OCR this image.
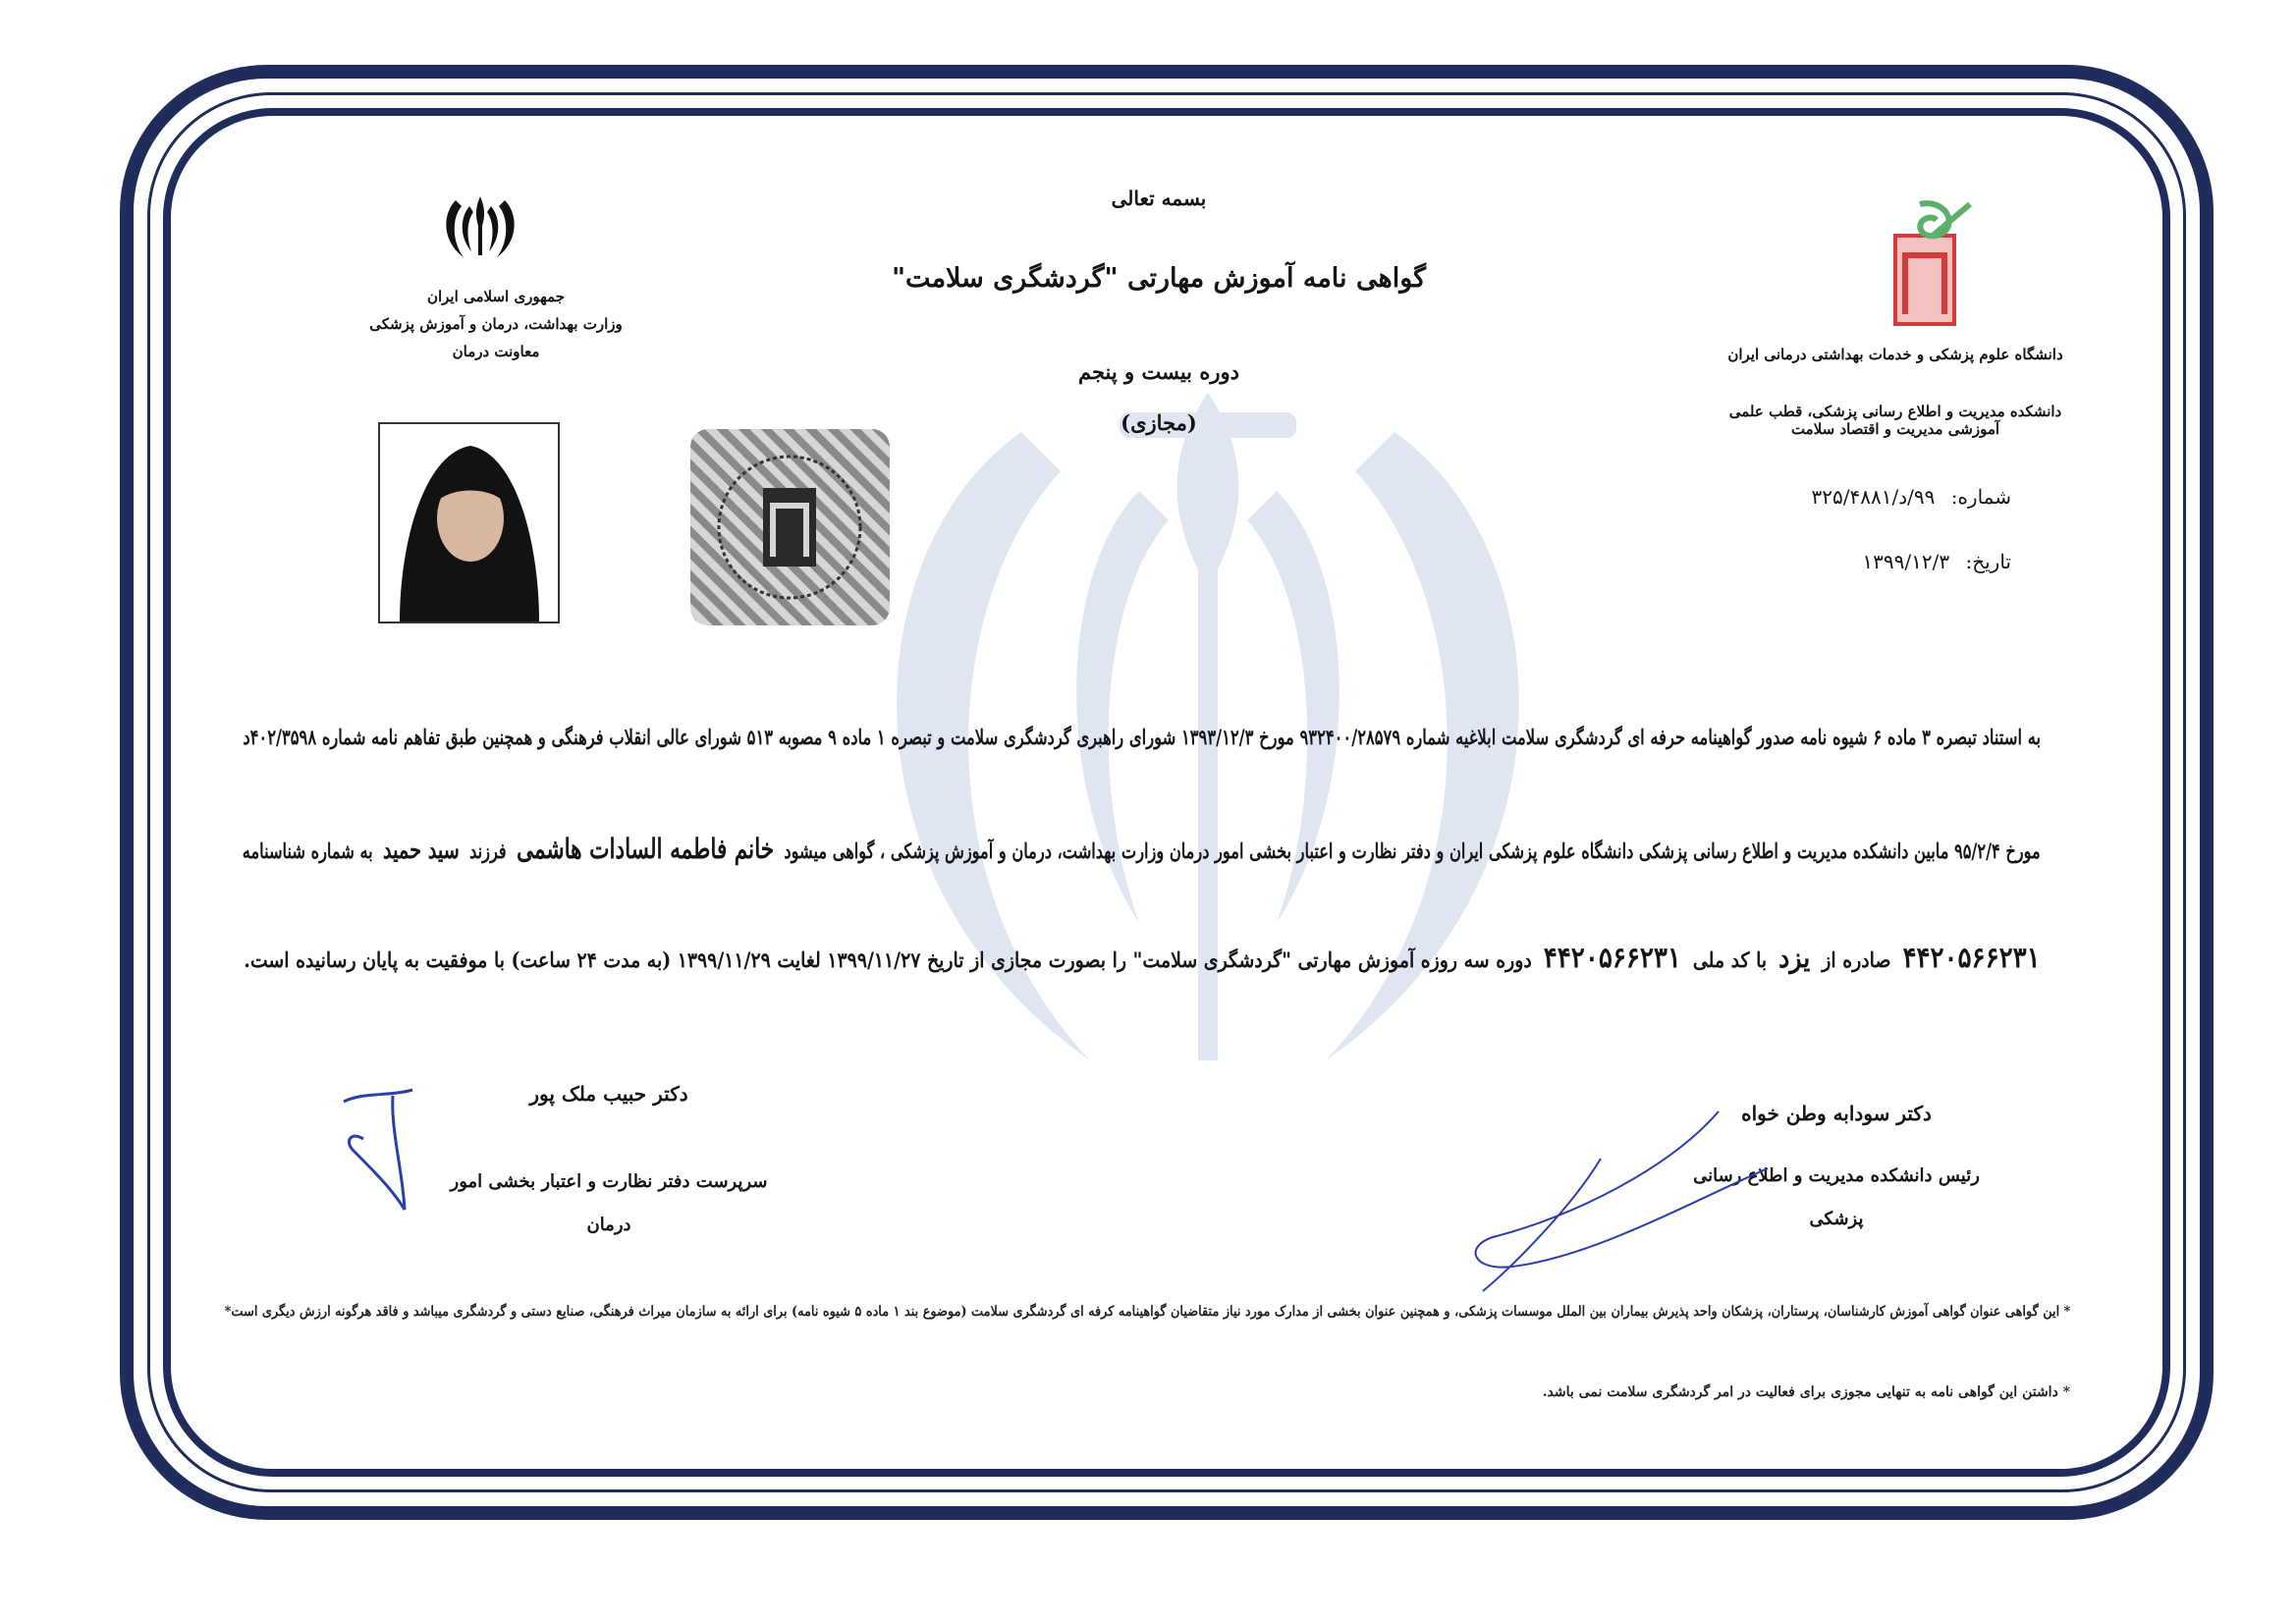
جمهوری اسلامی ایران
وزارت بهداشت، درمان و آموزش پزشکی
معاونت درمان
بسمه تعالی
گواهی نامه آموزش مهارتی "گردشگری سلامت"
دوره بیست و پنجم
(مجازی)
دانشگاه علوم پزشکی و خدمات بهداشتی درمانی ایران
دانشکده مدیریت و اطلاع رسانی پزشکی، قطب علمی آموزشی مدیریت و اقتصاد سلامت
شماره: ۹۹/د/۳۲۵/۴۸۸۱
تاریخ: ۱۳۹۹/۱۲/۳
به استناد تبصره ۳ ماده ۶ شیوه نامه صدور گواهینامه حرفه ای گردشگری سلامت ابلاغیه شماره ۹۳۲۴۰۰/۲۸۵۷۹ مورخ ۱۳۹۳/۱۲/۳ شورای راهبری گردشگری سلامت و تبصره ۱ ماده ۹ مصوبه ۵۱۳ شورای عالی انقلاب فرهنگی و همچنین طبق تفاهم نامه شماره ۴۰۲/۳۵۹۸د
مورخ ۹۵/۲/۴ مابین دانشکده مدیریت و اطلاع رسانی پزشکی دانشگاه علوم پزشکی ایران و دفتر نظارت و اعتبار بخشی امور درمان وزارت بهداشت، درمان و آموزش پزشکی ، گواهی میشود خانم فاطمه السادات هاشمی فرزند سید حمید به شماره شناسنامه
۴۴۲۰۵۶۶۲۳۱ صادره از یزد با کد ملی ۴۴۲۰۵۶۶۲۳۱ دوره سه روزه آموزش مهارتی "گردشگری سلامت" را بصورت مجازی از تاریخ ۱۳۹۹/۱۱/۲۷ لغایت ۱۳۹۹/۱۱/۲۹ (به مدت ۲۴ ساعت) با موفقیت به پایان رسانیده است.
دکتر حبیب ملک پور
سرپرست دفتر نظارت و اعتبار بخشی امور درمان
دکتر سودابه وطن خواه
رئیس دانشکده مدیریت و اطلاع رسانی پزشکی
* این گواهی عنوان گواهی آموزش کارشناسان، پرستاران، پزشکان واحد پذیرش بیماران بین الملل موسسات پزشکی، و همچنین عنوان بخشی از مدارک مورد نیاز متقاضیان گواهینامه کرفه ای گردشگری سلامت (موضوع بند ۱ ماده ۵ شیوه نامه) برای ارائه به سازمان میراث فرهنگی، صنایع دستی و گردشگری میباشد و فاقد هرگونه ارزش دیگری است*
* داشتن این گواهی نامه به تنهایی مجوزی برای فعالیت در امر گردشگری سلامت نمی باشد.
